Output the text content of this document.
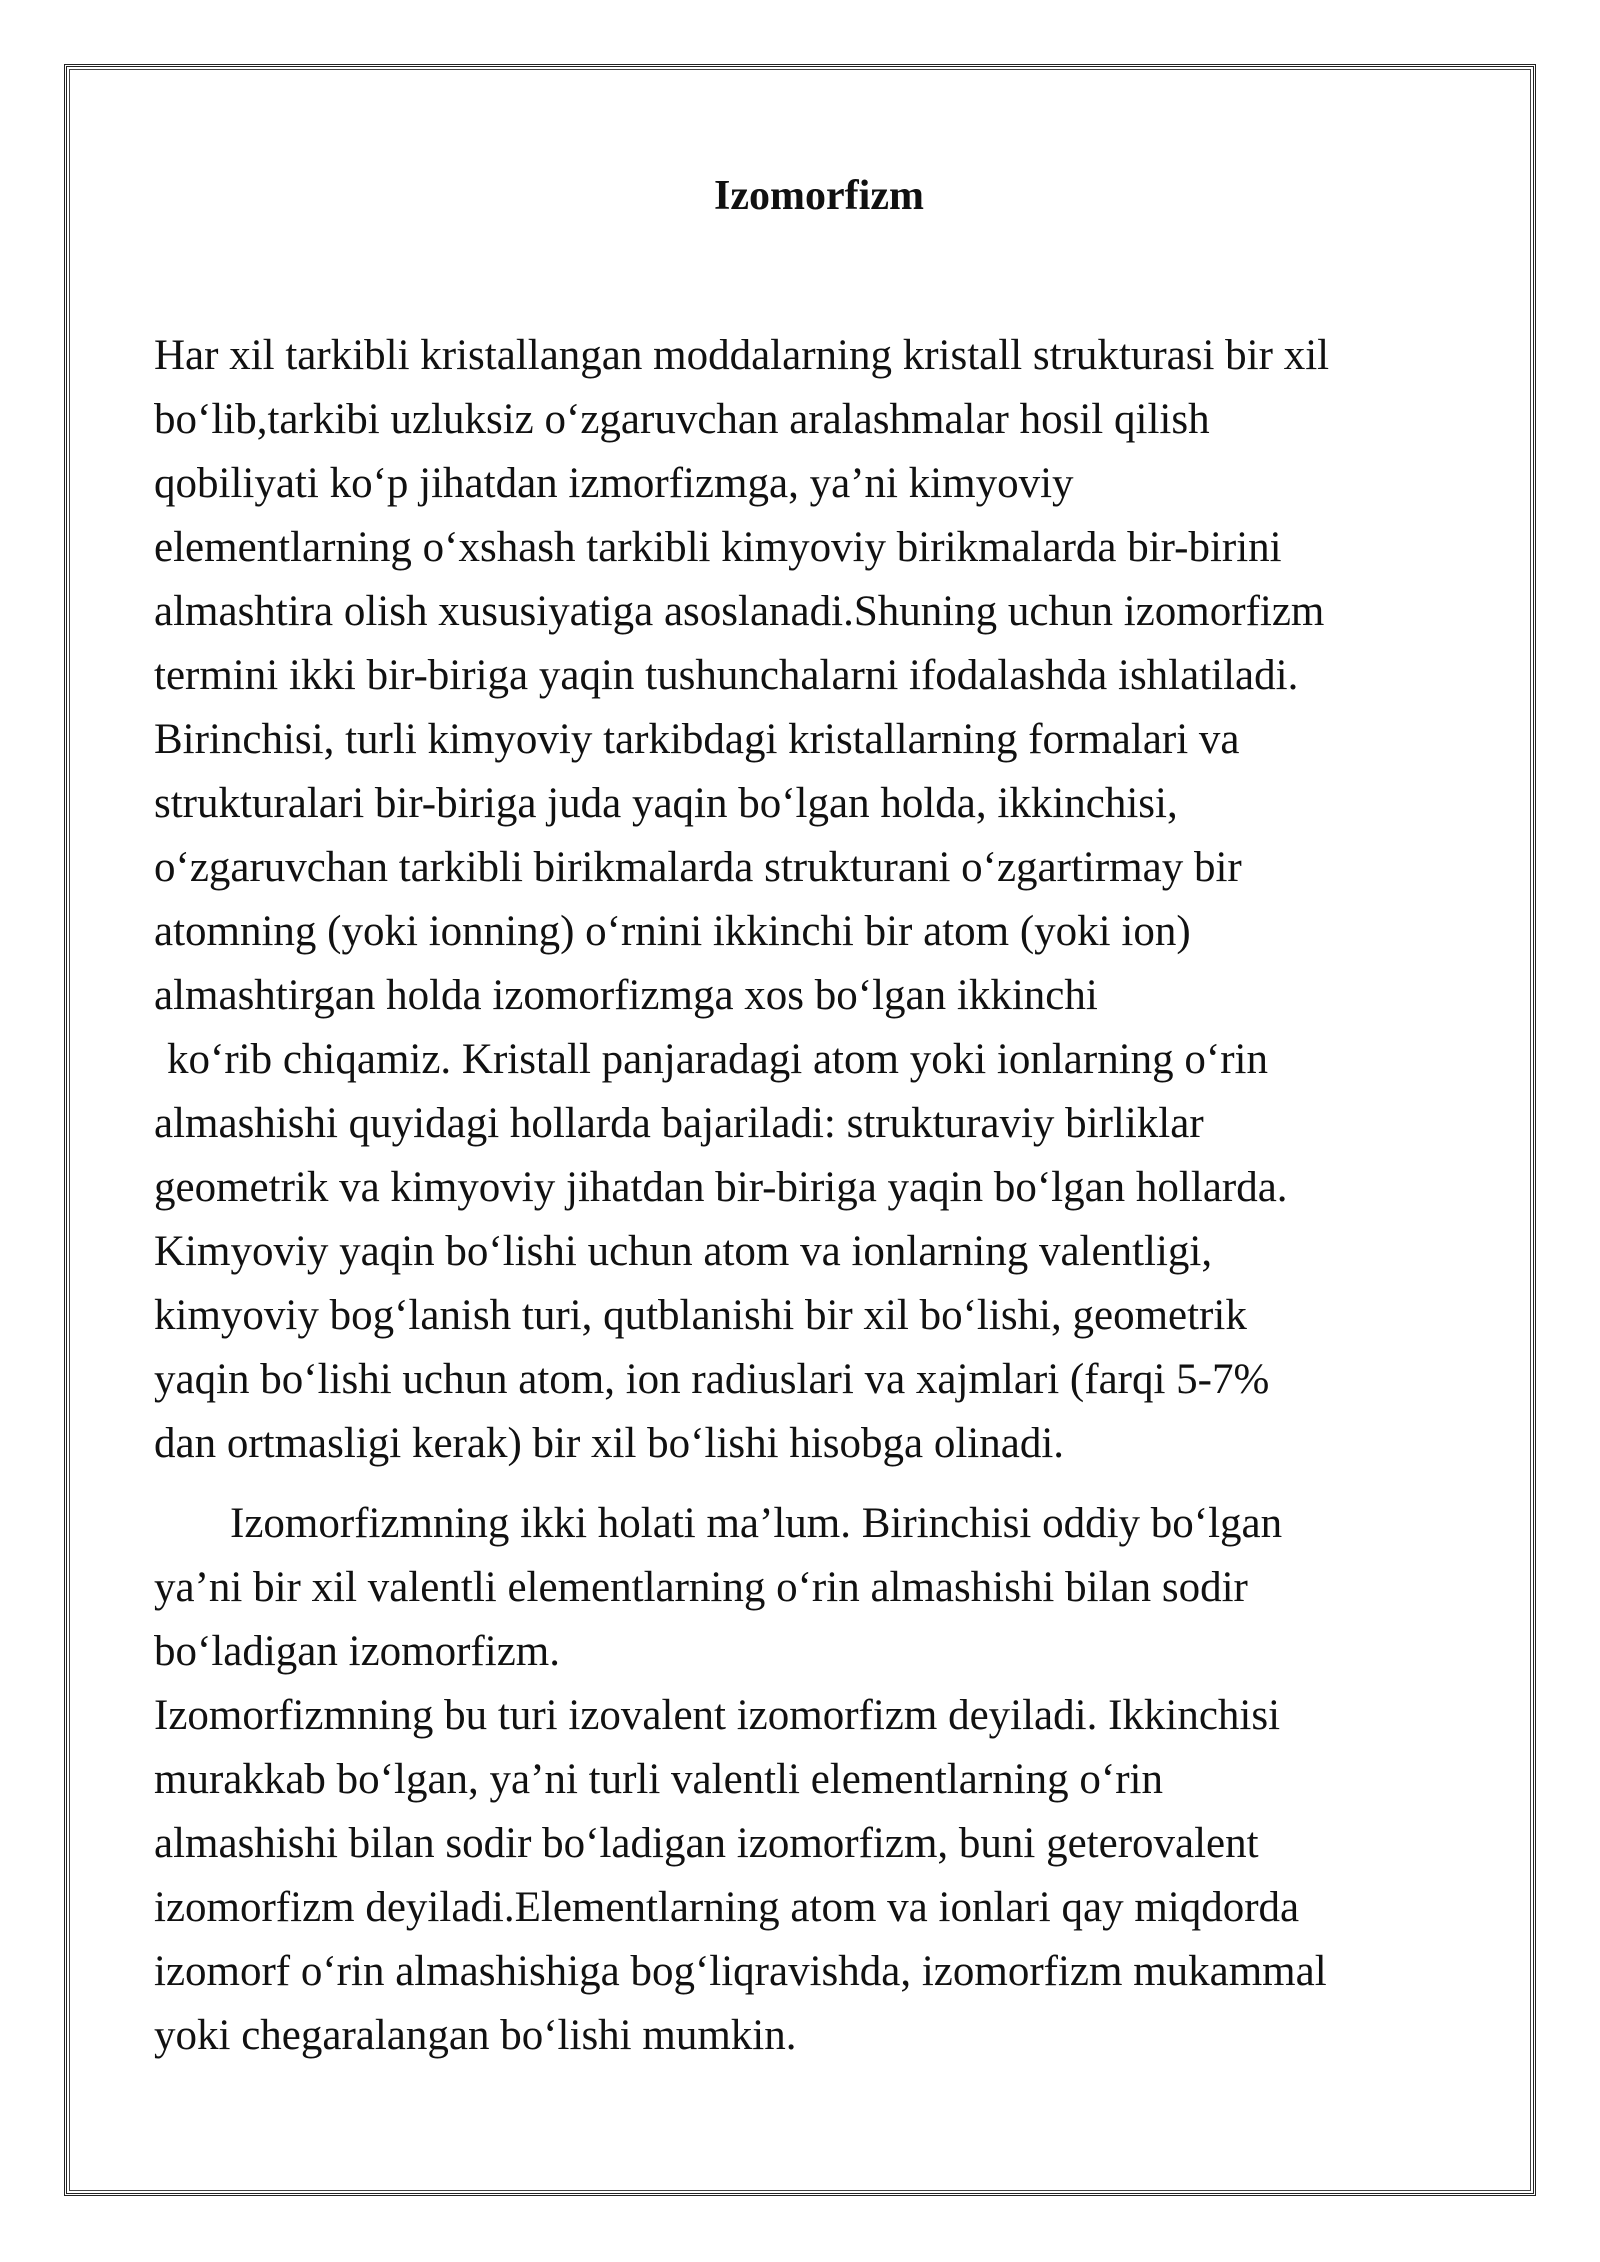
Izomorfizm

Har xil tarkibli kristallangan moddalarning kristall strukturasi bir xil
bo‘lib,tarkibi uzluksiz o‘zgaruvchan aralashmalar hosil qilish
qobiliyati ko‘p jihatdan izmorfizmga, ya’ni kimyoviy
elementlarning o‘xshash tarkibli kimyoviy birikmalarda bir-birini
almashtira olish xususiyatiga asoslanadi.Shuning uchun izomorfizm
termini ikki bir-biriga yaqin tushunchalarni ifodalashda ishlatiladi.
Birinchisi, turli kimyoviy tarkibdagi kristallarning formalari va
strukturalari bir-biriga juda yaqin bo‘lgan holda, ikkinchisi,
o‘zgaruvchan tarkibli birikmalarda strukturani o‘zgartirmay bir
atomning (yoki ionning) o‘rnini ikkinchi bir atom (yoki ion)
almashtirgan holda izomorfizmga xos bo‘lgan ikkinchi
ko‘rib chiqamiz. Kristall panjaradagi atom yoki ionlarning o‘rin
almashishi quyidagi hollarda bajariladi: strukturaviy birliklar
geometrik va kimyoviy jihatdan bir-biriga yaqin bo‘lgan hollarda.
Kimyoviy yaqin bo‘lishi uchun atom va ionlarning valentligi,
kimyoviy bog‘lanish turi, qutblanishi bir xil bo‘lishi, geometrik
yaqin bo‘lishi uchun atom, ion radiuslari va xajmlari (farqi 5-7%
dan ortmasligi kerak) bir xil bo‘lishi hisobga olinadi.

Izomorfizmning ikki holati ma’lum. Birinchisi oddiy bo‘lgan
ya’ni bir xil valentli elementlarning o‘rin almashishi bilan sodir
bo‘ladigan izomorfizm.
Izomorfizmning bu turi izovalent izomorfizm deyiladi. Ikkinchisi
murakkab bo‘lgan, ya’ni turli valentli elementlarning o‘rin
almashishi bilan sodir bo‘ladigan izomorfizm, buni geterovalent
izomorfizm deyiladi.Elementlarning atom va ionlari qay miqdorda
izomorf o‘rin almashishiga bog‘liqravishda, izomorfizm mukammal
yoki chegaralangan bo‘lishi mumkin.
